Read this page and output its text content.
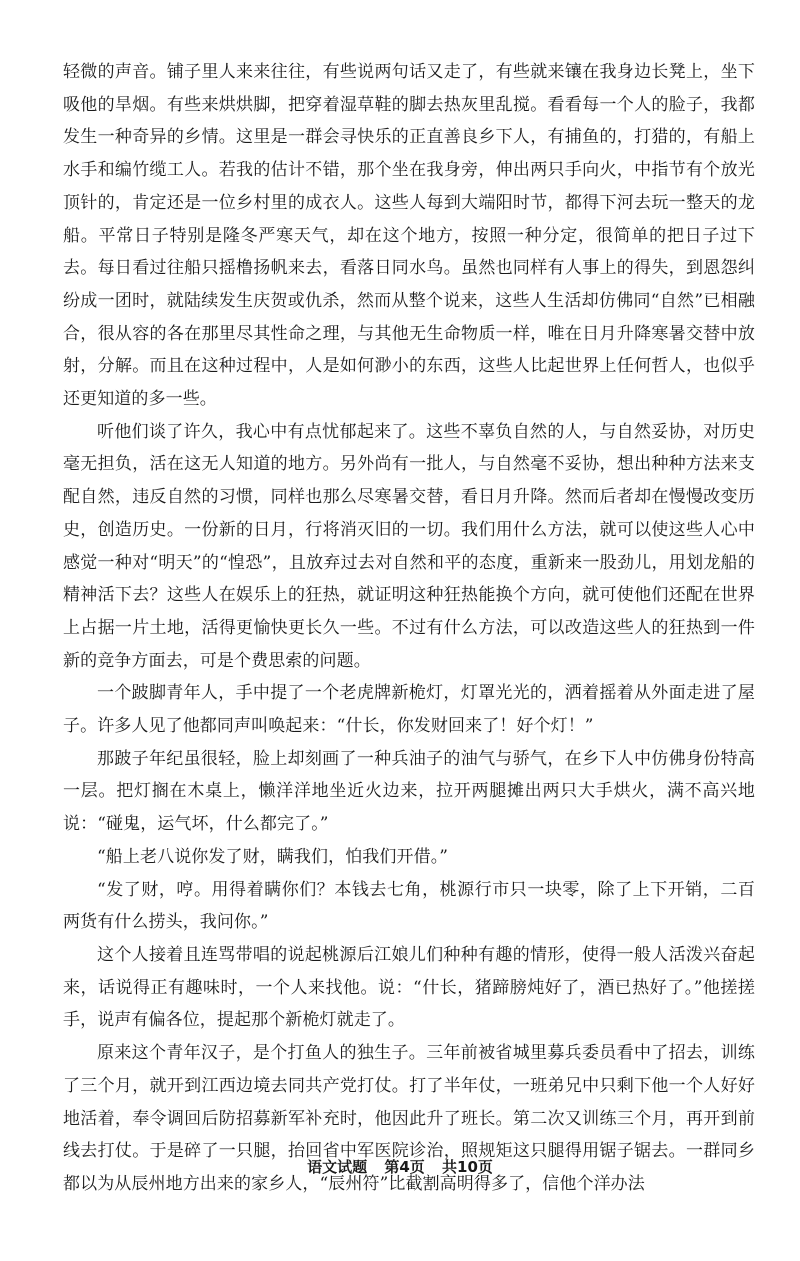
轻微的声音。铺子里人来来往往，有些说两句话又走了，有些就来镶在我身边长凳上，坐下吸他的旱烟。有些来烘烘脚，把穿着湿草鞋的脚去热灰里乱搅。看看每一个人的脸子，我都发生一种奇异的乡情。这里是一群会寻快乐的正直善良乡下人，有捕鱼的，打猎的，有船上水手和编竹缆工人。若我的估计不错，那个坐在我身旁，伸出两只手向火，中指节有个放光顶针的，肯定还是一位乡村里的成衣人。这些人每到大端阳时节，都得下河去玩一整天的龙船。平常日子特别是隆冬严寒天气，却在这个地方，按照一种分定，很简单的把日子过下去。每日看过往船只摇橹扬帆来去，看落日同水鸟。虽然也同样有人事上的得失，到恩怨纠纷成一团时，就陆续发生庆贺或仇杀，然而从整个说来，这些人生活却仿佛同“自然”已相融合，很从容的各在那里尽其性命之理，与其他无生命物质一样，唯在日月升降寒暑交替中放射，分解。而且在这种过程中，人是如何渺小的东西，这些人比起世界上任何哲人，也似乎还更知道的多一些。

听他们谈了许久，我心中有点忧郁起来了。这些不辜负自然的人，与自然妥协，对历史毫无担负，活在这无人知道的地方。另外尚有一批人，与自然毫不妥协，想出种种方法来支配自然，违反自然的习惯，同样也那么尽寒暑交替，看日月升降。然而后者却在慢慢改变历史，创造历史。一份新的日月，行将消灭旧的一切。我们用什么方法，就可以使这些人心中感觉一种对“明天”的“惶恐”，且放弃过去对自然和平的态度，重新来一股劲儿，用划龙船的精神活下去？这些人在娱乐上的狂热，就证明这种狂热能换个方向，就可使他们还配在世界上占据一片土地，活得更愉快更长久一些。不过有什么方法，可以改造这些人的狂热到一件新的竞争方面去，可是个费思索的问题。

一个跛脚青年人，手中提了一个老虎牌新桅灯，灯罩光光的，洒着摇着从外面走进了屋子。许多人见了他都同声叫唤起来：“什长，你发财回来了！好个灯！”

那跛子年纪虽很轻，脸上却刻画了一种兵油子的油气与骄气，在乡下人中仿佛身份特高一层。把灯搁在木桌上，懒洋洋地坐近火边来，拉开两腿摊出两只大手烘火，满不高兴地说：“碰鬼，运气坏，什么都完了。”

“船上老八说你发了财，瞒我们，怕我们开借。”

“发了财，哼。用得着瞒你们？本钱去七角，桃源行市只一块零，除了上下开销，二百两货有什么捞头，我问你。”

这个人接着且连骂带唱的说起桃源后江娘儿们种种有趣的情形，使得一般人活泼兴奋起来，话说得正有趣味时，一个人来找他。说：“什长，猪蹄膀炖好了，酒已热好了。”他搓搓手，说声有偏各位，提起那个新桅灯就走了。

原来这个青年汉子，是个打鱼人的独生子。三年前被省城里募兵委员看中了招去，训练了三个月，就开到江西边境去同共产党打仗。打了半年仗，一班弟兄中只剩下他一个人好好地活着，奉令调回后防招募新军补充时，他因此升了班长。第二次又训练三个月，再开到前线去打仗。于是碎了一只腿，抬回省中军医院诊治，照规矩这只腿得用锯子锯去。一群同乡都以为从辰州地方出来的家乡人，“辰州符”比截割高明得多了，信他个洋办法

语文试题 第4页 共10页
